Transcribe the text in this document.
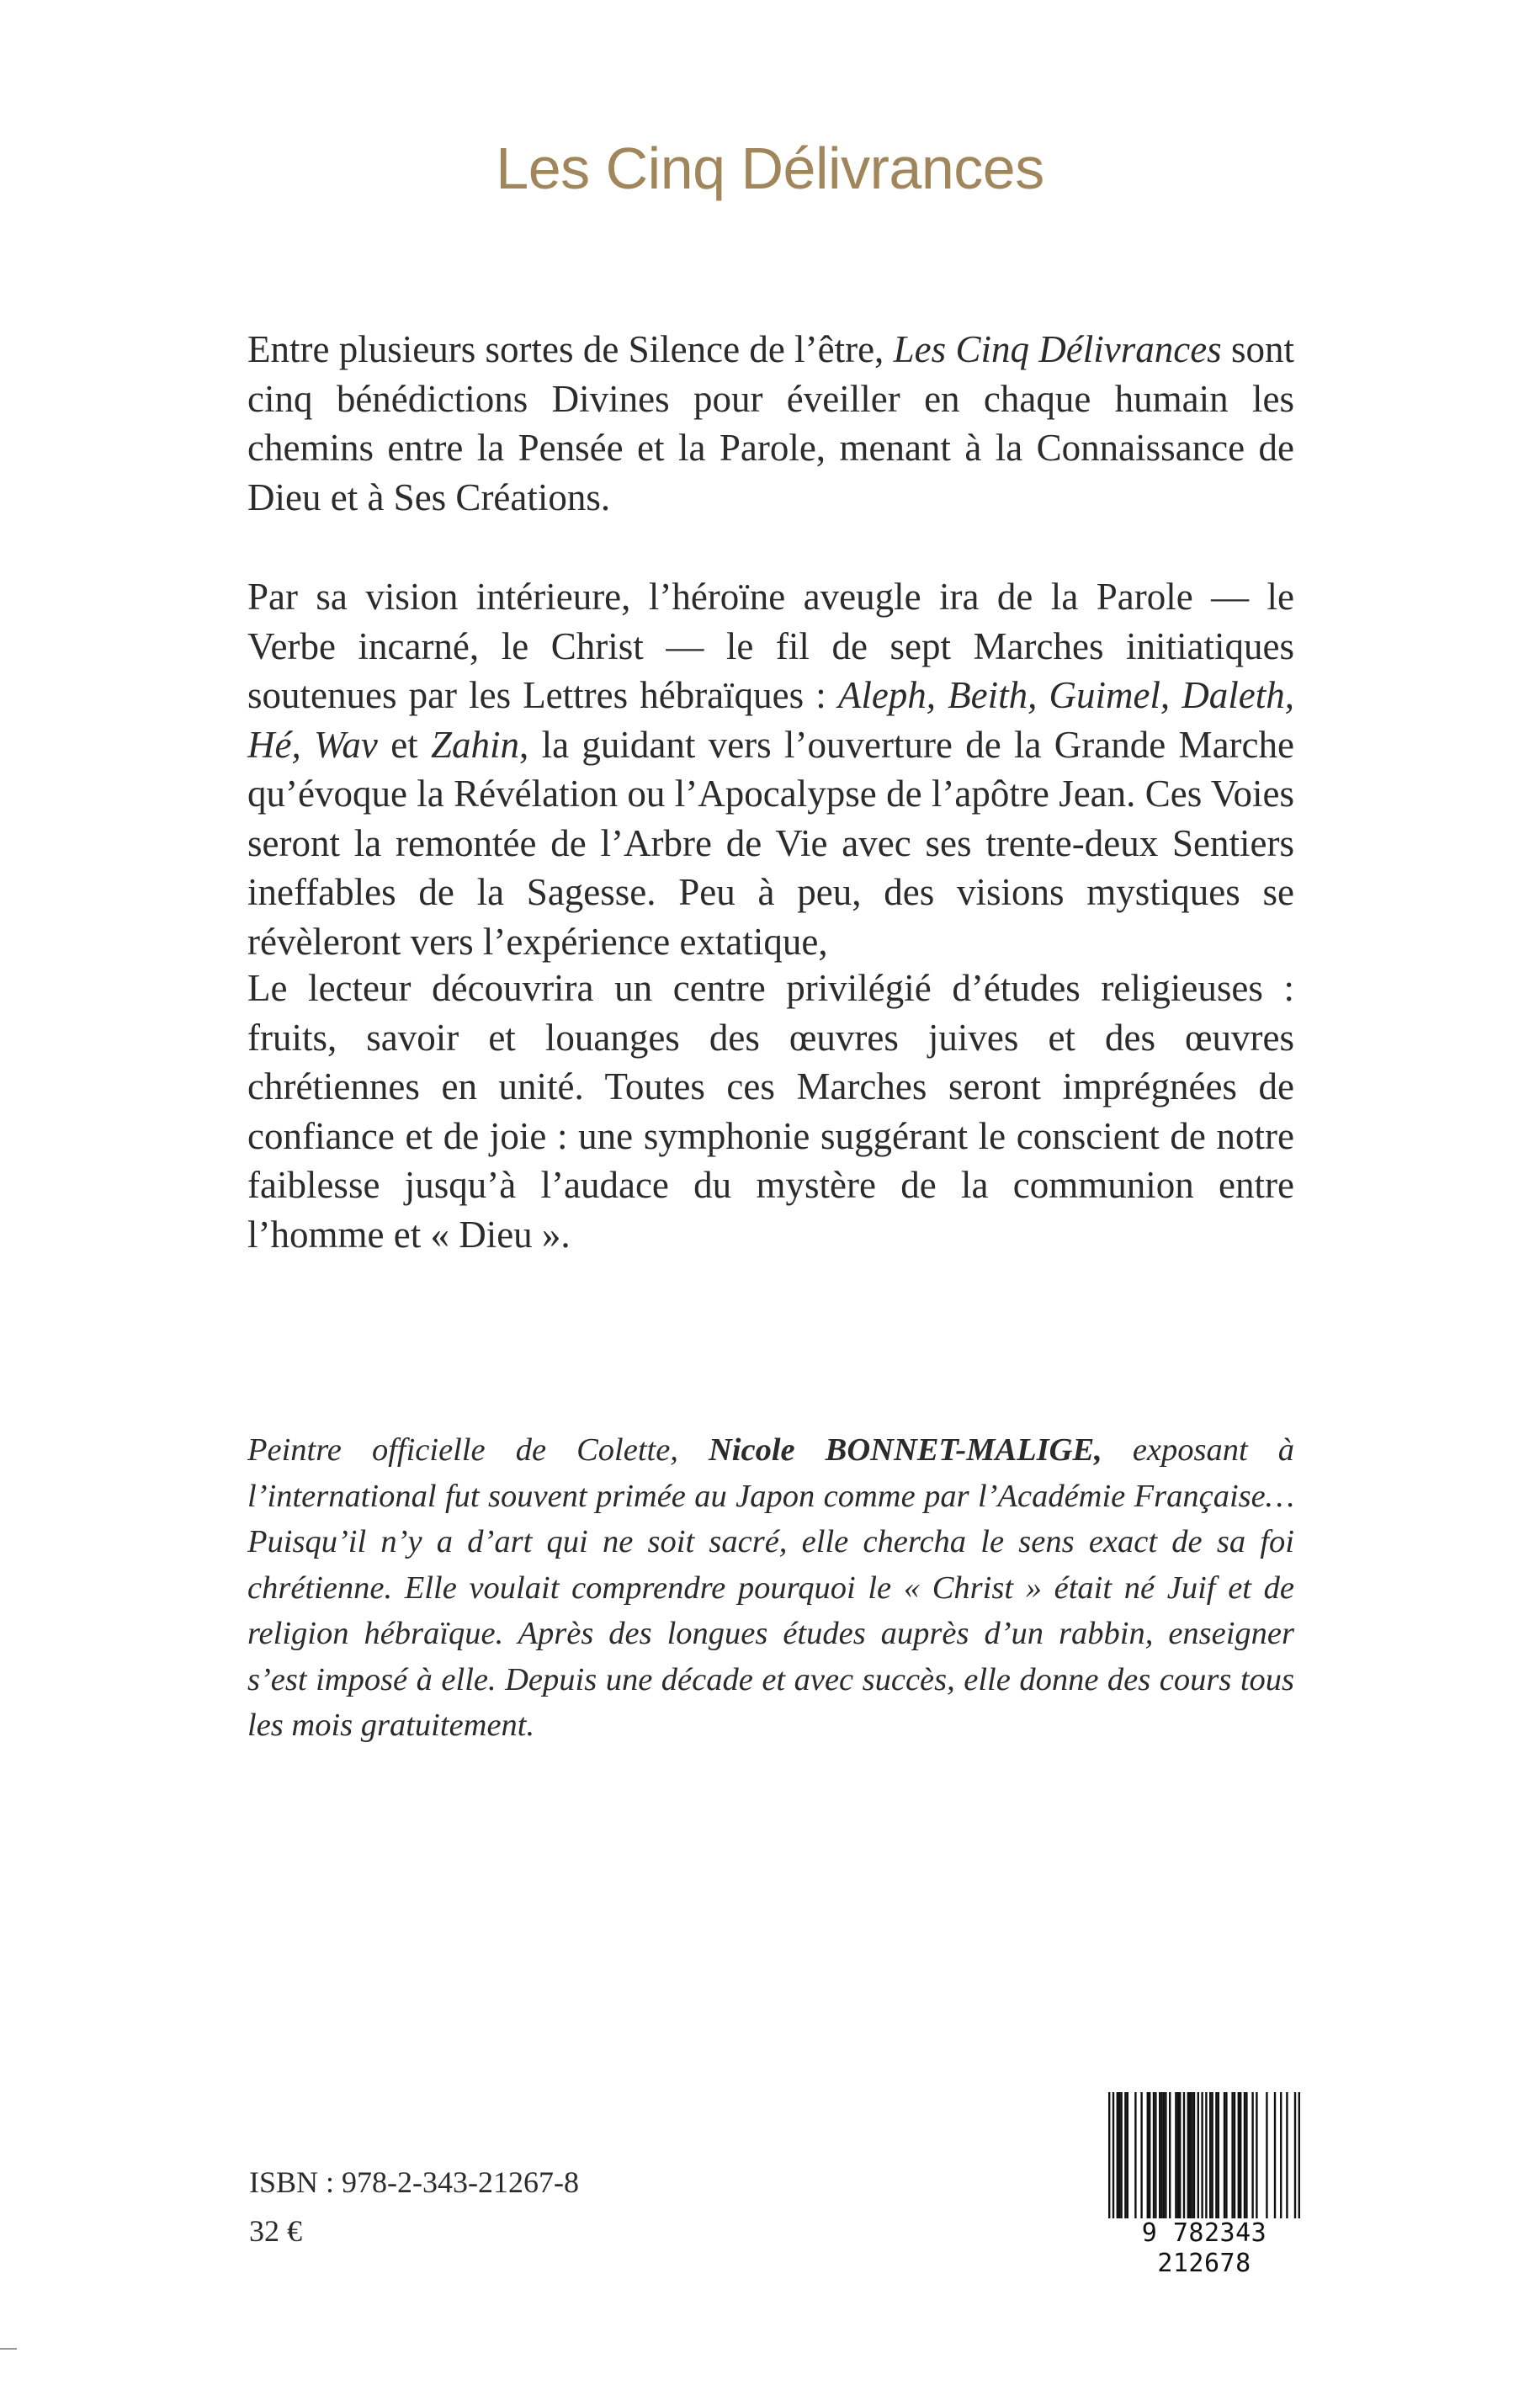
Les Cinq Délivrances

Entre plusieurs sortes de Silence de l’être, Les Cinq Délivrances sont cinq bénédictions Divines pour éveiller en chaque humain les chemins entre la Pensée et la Parole, menant à la Connaissance de Dieu et à Ses Créations.

Par sa vision intérieure, l’héroïne aveugle ira de la Parole — le Verbe incarné, le Christ — le fil de sept Marches initiatiques soutenues par les Lettres hébraïques : Aleph, Beith, Guimel, Daleth, Hé, Wav et Zahin, la guidant vers l’ouverture de la Grande Marche qu’évoque la Révélation ou l’Apocalypse de l’apôtre Jean. Ces Voies seront la remontée de l’Arbre de Vie avec ses trente-deux Sentiers ineffables de la Sagesse. Peu à peu, des visions mystiques se révèleront vers l’expérience extatique,

Le lecteur découvrira un centre privilégié d’études religieuses : fruits, savoir et louanges des œuvres juives et des œuvres chrétiennes en unité. Toutes ces Marches seront imprégnées de confiance et de joie : une symphonie suggérant le conscient de notre faiblesse jusqu’à l’audace du mystère de la communion entre l’homme et « Dieu ».

Peintre officielle de Colette, Nicole BONNET-MALIGE, exposant à l’international fut souvent primée au Japon comme par l’Académie Française… Puisqu’il n’y a d’art qui ne soit sacré, elle chercha le sens exact de sa foi chrétienne. Elle voulait comprendre pourquoi le « Christ » était né Juif et de religion hébraïque. Après des longues études auprès d’un rabbin, enseigner s’est imposé à elle. Depuis une décade et avec succès, elle donne des cours tous les mois gratuitement.

ISBN : 978-2-343-21267-8

32 €	9 782343 212678
